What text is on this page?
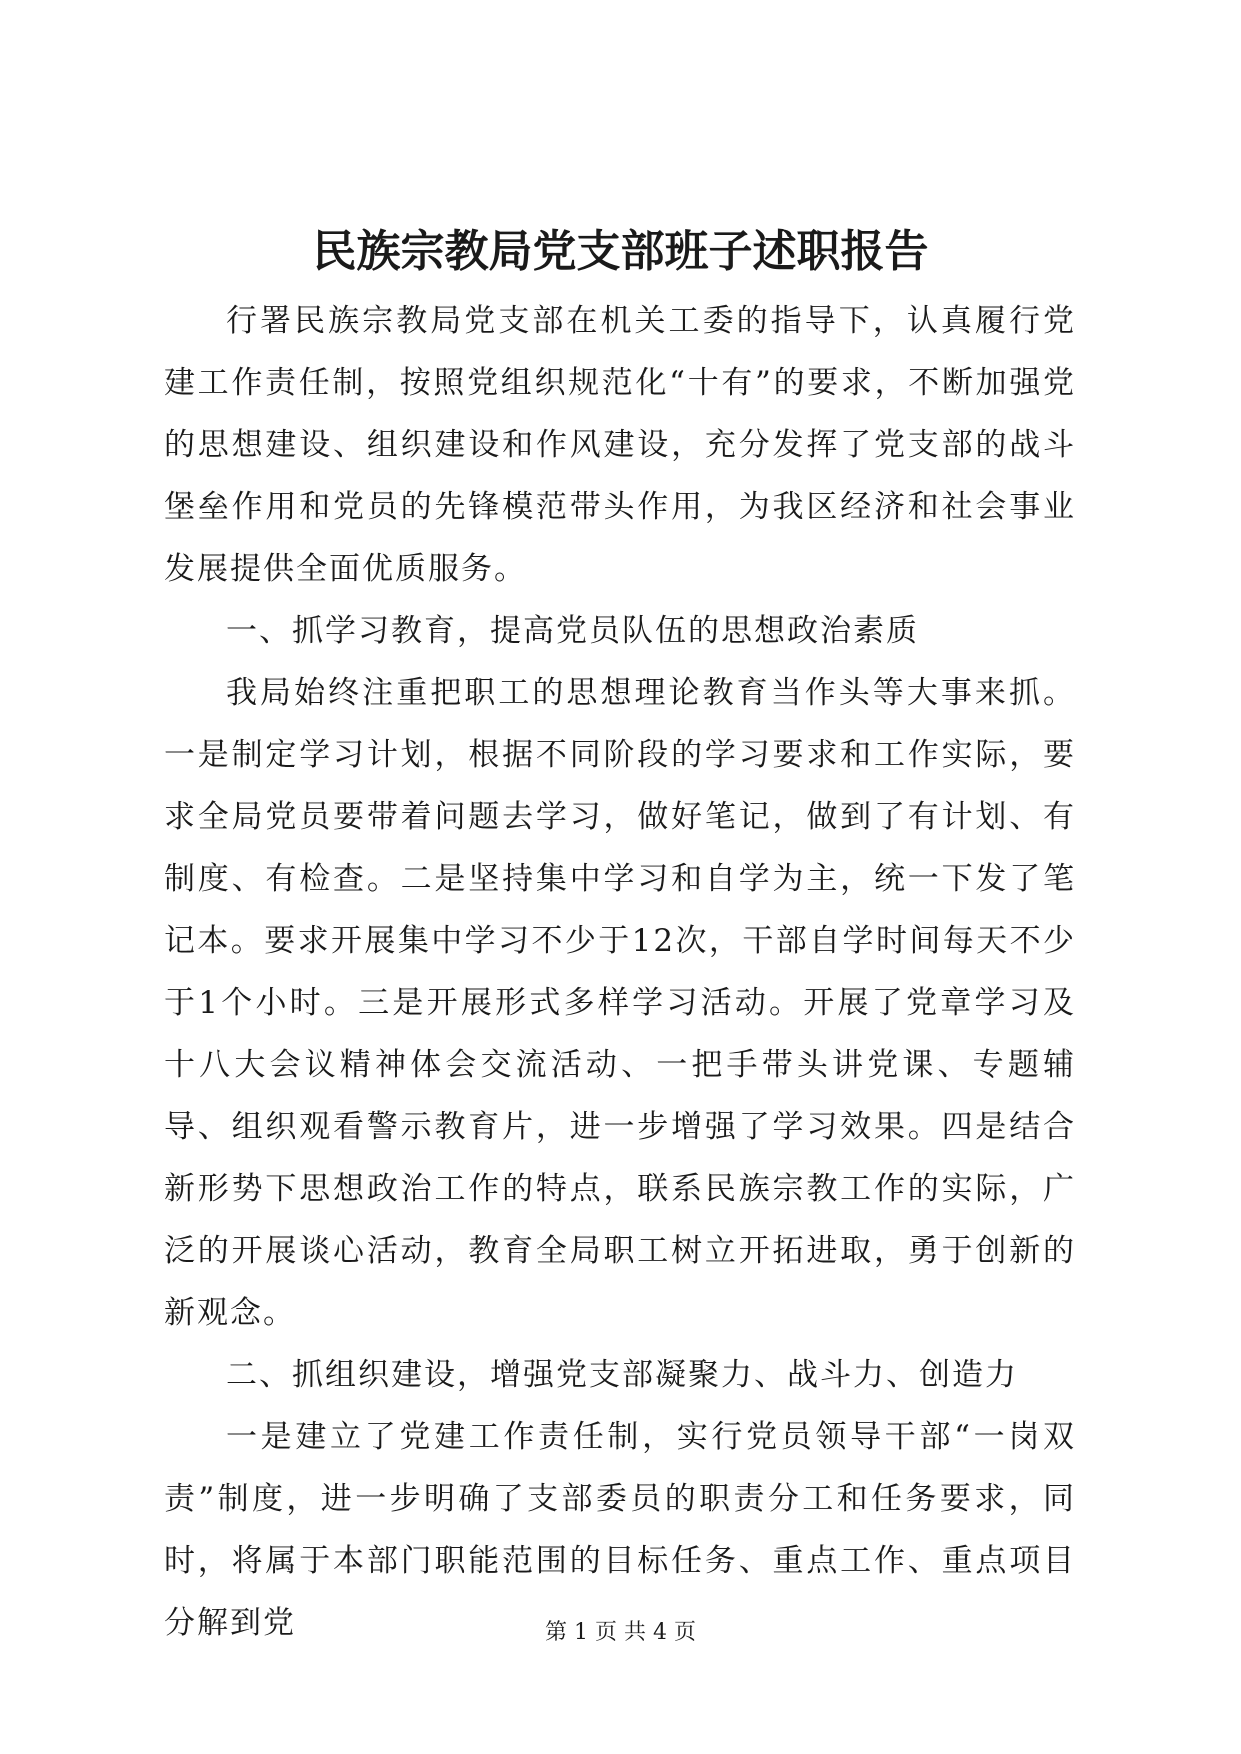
民族宗教局党支部班子述职报告

行署民族宗教局党支部在机关工委的指导下，认真履行党建工作责任制，按照党组织规范化“十有”的要求，不断加强党的思想建设、组织建设和作风建设，充分发挥了党支部的战斗堡垒作用和党员的先锋模范带头作用，为我区经济和社会事业发展提供全面优质服务。

一、抓学习教育，提高党员队伍的思想政治素质

我局始终注重把职工的思想理论教育当作头等大事来抓。一是制定学习计划，根据不同阶段的学习要求和工作实际，要求全局党员要带着问题去学习，做好笔记，做到了有计划、有制度、有检查。二是坚持集中学习和自学为主，统一下发了笔记本。要求开展集中学习不少于12次，干部自学时间每天不少于1个小时。三是开展形式多样学习活动。开展了党章学习及十八大会议精神体会交流活动、一把手带头讲党课、专题辅导、组织观看警示教育片，进一步增强了学习效果。四是结合新形势下思想政治工作的特点，联系民族宗教工作的实际，广泛的开展谈心活动，教育全局职工树立开拓进取，勇于创新的新观念。

二、抓组织建设，增强党支部凝聚力、战斗力、创造力

一是建立了党建工作责任制，实行党员领导干部“一岗双责”制度，进一步明确了支部委员的职责分工和任务要求，同时，将属于本部门职能范围的目标任务、重点工作、重点项目分解到党	第 1 页 共 4 页
